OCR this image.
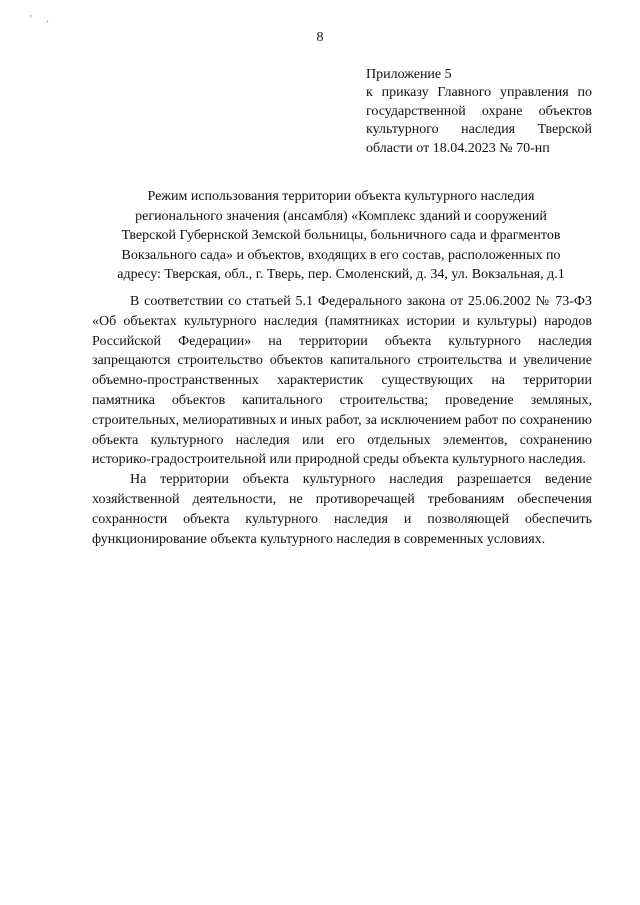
' .
8
Приложение 5
к приказу Главного управления по
государственной охране объектов
культурного наследия Тверской
области от 18.04.2023 № 70-нп
Режим использования территории объекта культурного наследия
регионального значения (ансамбля) «Комплекс зданий и сооружений
Тверской Губернской Земской больницы, больничного сада и фрагментов
Вокзального сада» и объектов, входящих в его состав, расположенных по
адресу: Тверская, обл., г. Тверь, пер. Смоленский, д. 34, ул. Вокзальная, д.1

В соответствии со статьей 5.1 Федерального закона от 25.06.2002 № 73-ФЗ «Об объектах культурного наследия (памятниках истории и культуры) народов Российской Федерации» на территории объекта культурного наследия запрещаются строительство объектов капитального строительства и увеличение объемно-пространственных характеристик существующих на территории памятника объектов капитального строительства; проведение земляных, строительных, мелиоративных и иных работ, за исключением работ по сохранению объекта культурного наследия или его отдельных элементов, сохранению историко-градостроительной или природной среды объекта культурного наследия.

На территории объекта культурного наследия разрешается ведение хозяйственной деятельности, не противоречащей требованиям обеспечения сохранности объекта культурного наследия и позволяющей обеспечить функционирование объекта культурного наследия в современных условиях.
